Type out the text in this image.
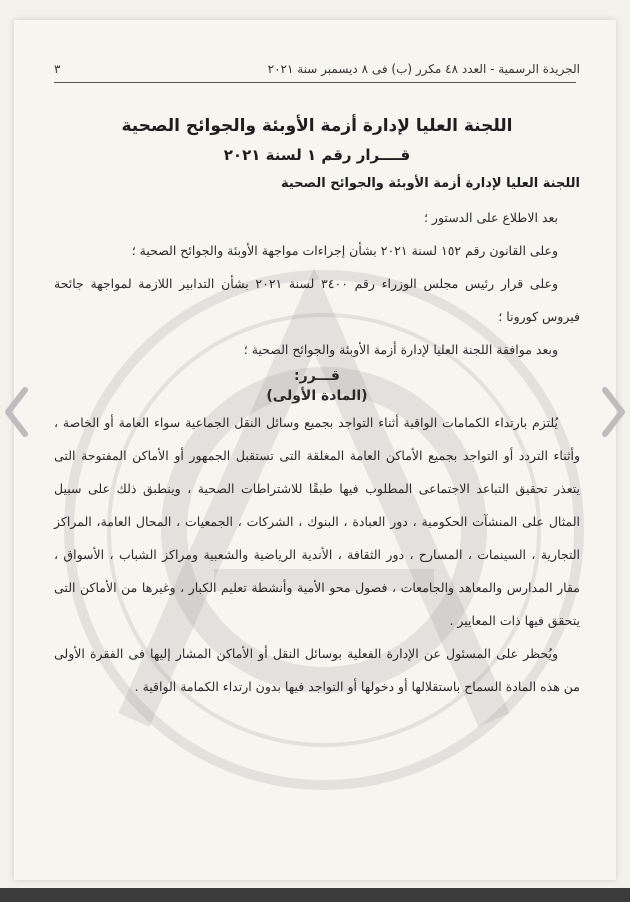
الجريدة الرسمية - العدد ٤٨ مكرر (ب) فى ٨ ديسمبر سنة ٢٠٢١
٣
اللجنة العليا لإدارة أزمة الأوبئة والجوائح الصحية
قــــرار رقم ١ لسنة ٢٠٢١
اللجنة العليا لإدارة أزمة الأوبئة والجوائح الصحية
بعد الاطلاع على الدستور ؛
وعلى القانون رقم ١٥٢ لسنة ٢٠٢١ بشأن إجراءات مواجهة الأوبئة والجوائح الصحية ؛
وعلى قرار رئيس مجلس الوزراء رقم ٣٤٠٠ لسنة ٢٠٢١ بشأن التدابير اللازمة لمواجهة جائحة فيروس كورونا ؛
وبعد موافقة اللجنة العليا لإدارة أزمة الأوبئة والجوائح الصحية ؛
قـــرر:
(المادة الأولى)
يُلتزم بارتداء الكمامات الواقية أثناء التواجد بجميع وسائل النقل الجماعية سواء العامة أو الخاصة ، وأثناء التردد أو التواجد بجميع الأماكن العامة المغلقة التى تستقبل الجمهور أو الأماكن المفتوحة التى يتعذر تحقيق التباعد الاجتماعى المطلوب فيها طبقًا للاشتراطات الصحية ، وينطبق ذلك على سبيل المثال على المنشآت الحكومية ، دور العبادة ، البنوك ، الشركات ، الجمعيات ، المحال العامة، المراكز التجارية ، السينمات ، المسارح ، دور الثقافة ، الأندية الرياضية والشعبية ومراكز الشباب ، الأسواق ، مقار المدارس والمعاهد والجامعات ، فصول محو الأمية وأنشطة تعليم الكبار ، وغيرها من الأماكن التى يتحقق فيها ذات المعايير .
ويُحظر على المسئول عن الإدارة الفعلية بوسائل النقل أو الأماكن المشار إليها فى الفقرة الأولى من هذه المادة السماح باستقلالها أو دخولها أو التواجد فيها بدون ارتداء الكمامة الواقية .
